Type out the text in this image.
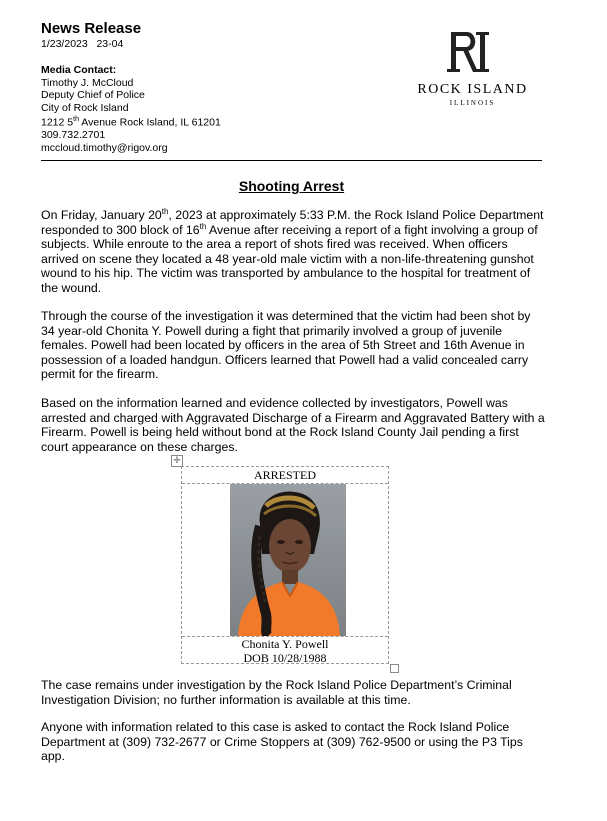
News Release
1/23/2023   23-04
Media Contact:
Timothy J. McCloud
Deputy Chief of Police
City of Rock Island
1212 5th Avenue Rock Island, IL 61201
309.732.2701
mccloud.timothy@rigov.org
ROCK ISLAND
ILLINOIS
Shooting Arrest

On Friday, January 20th, 2023 at approximately 5:33 P.M. the Rock Island Police Department responded to 300 block of 16th Avenue after receiving a report of a fight involving a group of subjects. While enroute to the area a report of shots fired was received. When officers arrived on scene they located a 48 year-old male victim with a non-life-threatening gunshot wound to his hip. The victim was transported by ambulance to the hospital for treatment of the wound.

Through the course of the investigation it was determined that the victim had been shot by 34 year-old Chonita Y. Powell during a fight that primarily involved a group of juvenile females. Powell had been located by officers in the area of 5th Street and 16th Avenue in possession of a loaded handgun. Officers learned that Powell had a valid concealed carry permit for the firearm.

Based on the information learned and evidence collected by investigators, Powell was arrested and charged with Aggravated Discharge of a Firearm and Aggravated Battery with a Firearm. Powell is being held without bond at the Rock Island County Jail pending a first court appearance on these charges.

✛
ARRESTED
Chonita Y. Powell
DOB 10/28/1988

The case remains under investigation by the Rock Island Police Department’s Criminal Investigation Division; no further information is available at this time.

Anyone with information related to this case is asked to contact the Rock Island Police Department at (309) 732-2677 or Crime Stoppers at (309) 762-9500 or using the P3 Tips app.
